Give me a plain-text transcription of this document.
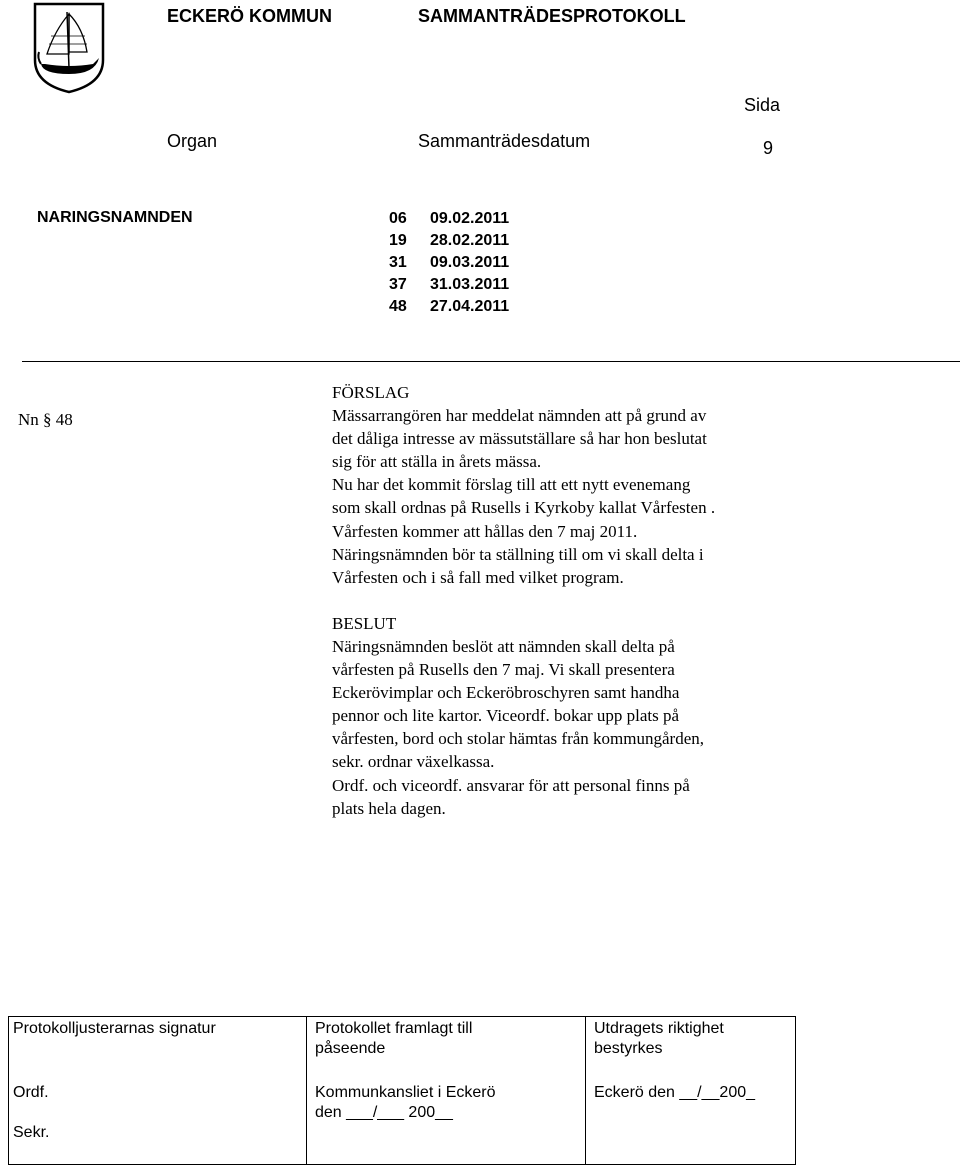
ECKERÖ KOMMUN	SAMMANTRÄDESPROTOKOLL
Organ	Sammanträdesdatum
Sida
9
NARINGSNAMNDEN	06 09.02.2011
19 28.02.2011
31 09.03.2011
37 31.03.2011
48 27.04.2011
Nn § 48

FÖRSLAG

Mässarrangören har meddelat nämnden att på grund av

det dåliga intresse av mässutställare så har hon beslutat

sig för att ställa in årets mässa.

Nu har det kommit förslag till att ett nytt evenemang

som skall ordnas på Rusells i Kyrkoby kallat Vårfesten .

Vårfesten kommer att hållas den 7 maj 2011.

Näringsnämnden bör ta ställning till om vi skall delta i

Vårfesten och i så fall med vilket program.

BESLUT

Näringsnämnden beslöt att nämnden skall delta på

vårfesten på Rusells den 7 maj. Vi skall presentera

Eckerövimplar och Eckeröbroschyren samt handha

pennor och lite kartor. Viceordf. bokar upp plats på

vårfesten, bord och stolar hämtas från kommungården,

sekr. ordnar växelkassa.

Ordf. och viceordf. ansvarar för att personal finns på

plats hela dagen.

Protokolljusterarnas signatur
Ordf.
Sekr.
Protokollet framlagt till
påseende
Kommunkansliet i Eckerö
den ___/___ 200__
Utdragets riktighet
bestyrkes
Eckerö den __/__200_
